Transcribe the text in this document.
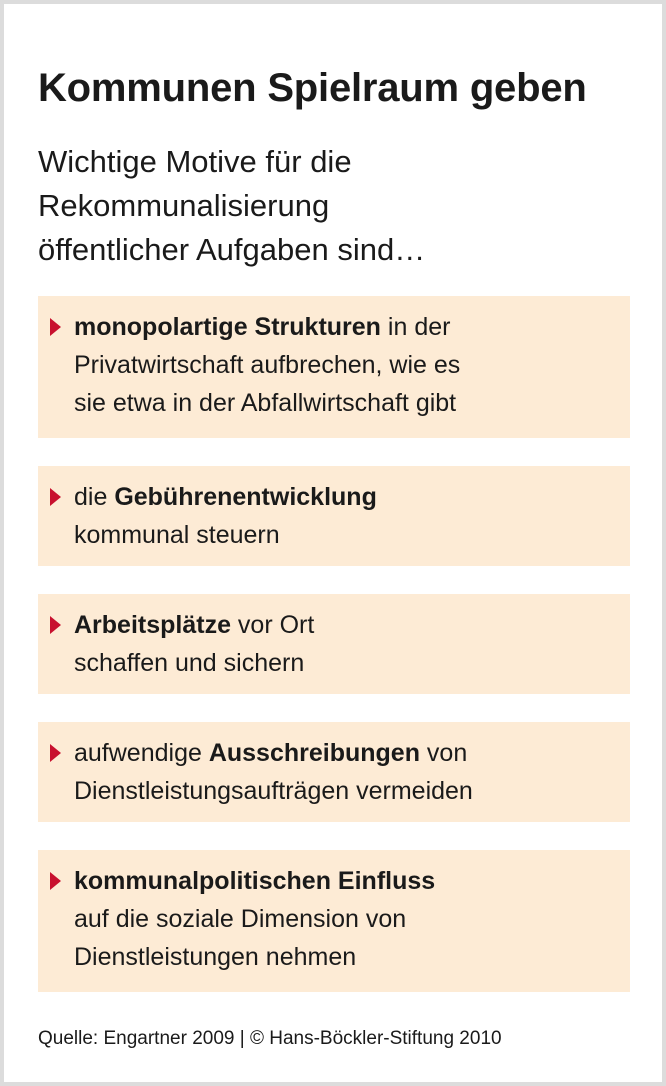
Kommunen Spielraum geben

Wichtige Motive für die
Rekommunalisierung
öffentlicher Aufgaben sind…

monopolartige Strukturen in der
Privatwirtschaft aufbrechen, wie es
sie etwa in der Abfallwirtschaft gibt
die Gebührenentwicklung
kommunal steuern
Arbeitsplätze vor Ort
schaffen und sichern
aufwendige Ausschreibungen von
Dienstleistungsaufträgen vermeiden
kommunalpolitischen Einfluss
auf die soziale Dimension von
Dienstleistungen nehmen

Quelle: Engartner 2009 | © Hans-Böckler-Stiftung 2010
